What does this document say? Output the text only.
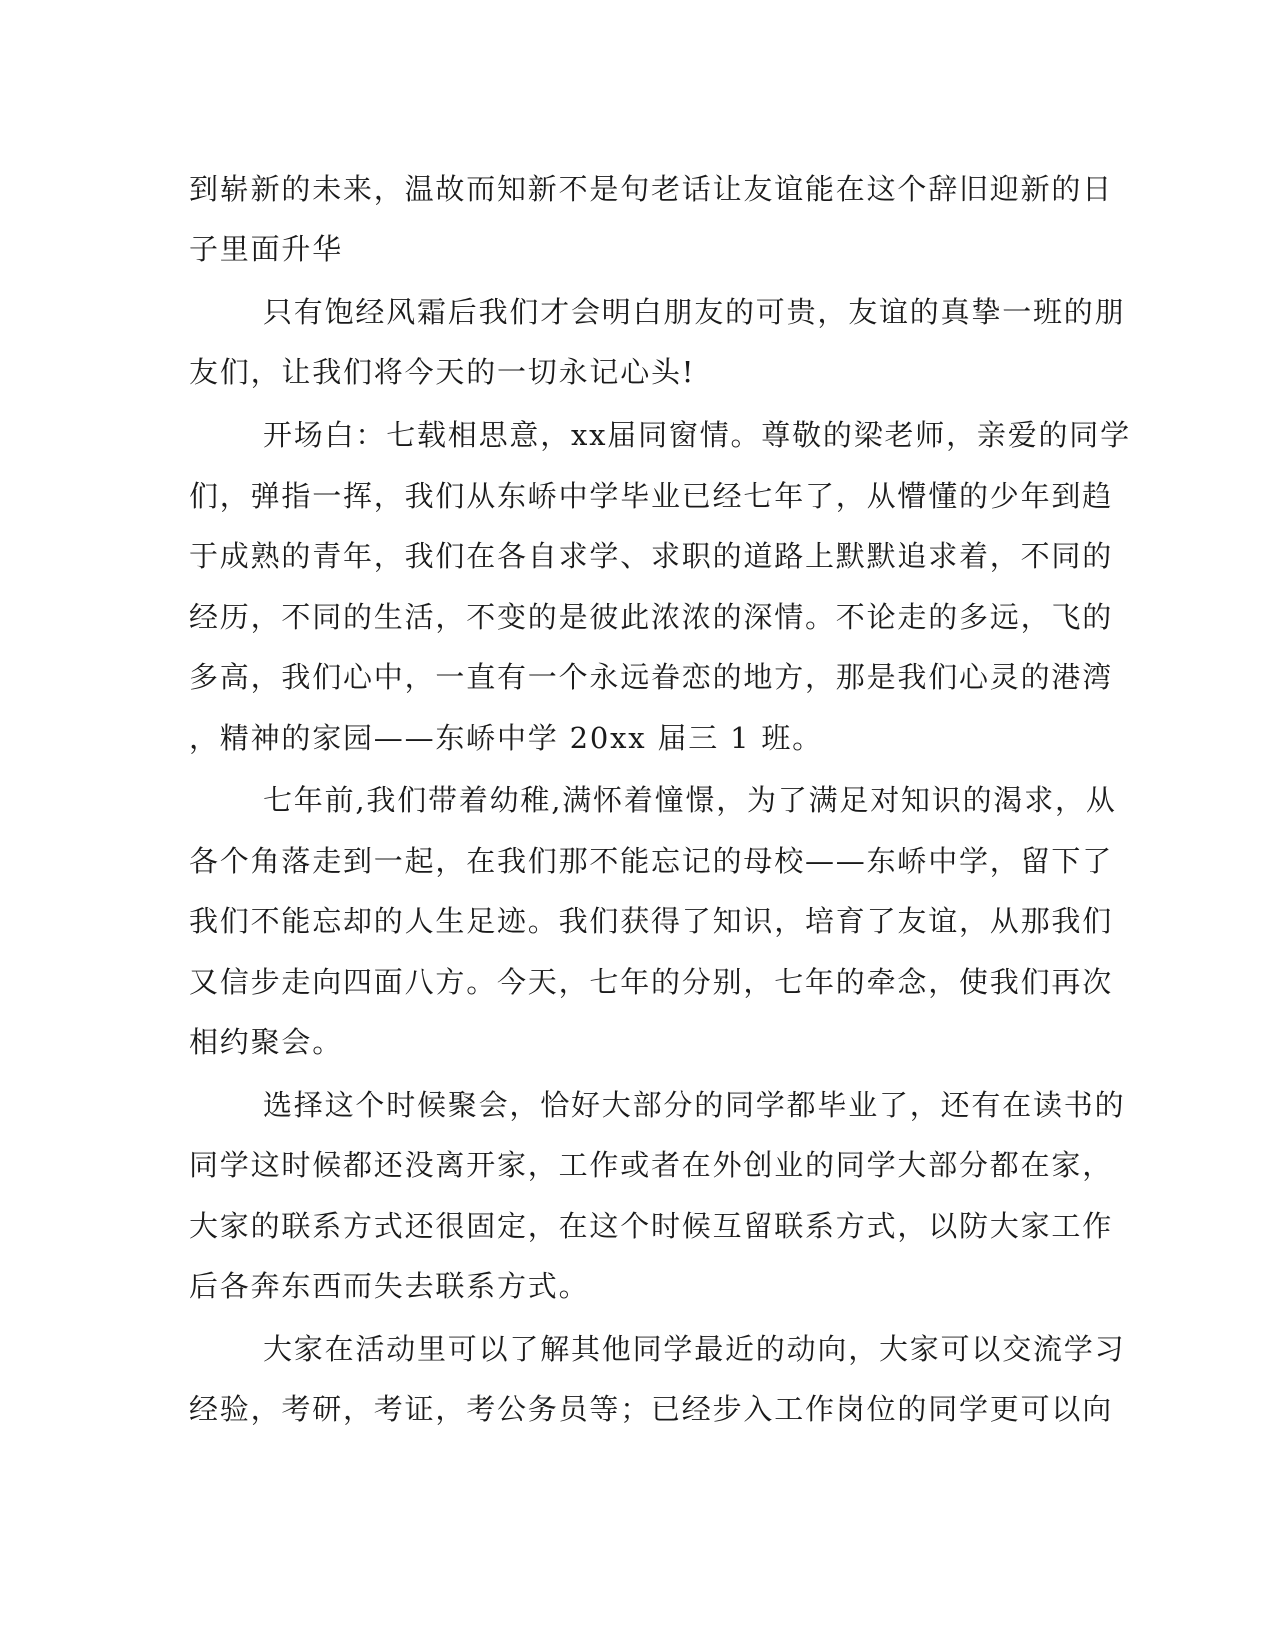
到崭新的未来，温故而知新不是句老话让友谊能在这个辞旧迎新的日
子里面升华
只有饱经风霜后我们才会明白朋友的可贵，友谊的真挚一班的朋
友们，让我们将今天的一切永记心头!
开场白：七载相思意，xx届同窗情。尊敬的梁老师，亲爱的同学
们，弹指一挥，我们从东峤中学毕业已经七年了，从懵懂的少年到趋
于成熟的青年，我们在各自求学、求职的道路上默默追求着，不同的
经历，不同的生活，不变的是彼此浓浓的深情。不论走的多远，飞的
多高，我们心中，一直有一个永远眷恋的地方，那是我们心灵的港湾
，精神的家园——东峤中学 20xx 届三 1 班。
七年前,我们带着幼稚,满怀着憧憬，为了满足对知识的渴求，从
各个角落走到一起，在我们那不能忘记的母校——东峤中学，留下了
我们不能忘却的人生足迹。我们获得了知识，培育了友谊，从那我们
又信步走向四面八方。今天，七年的分别，七年的牵念，使我们再次
相约聚会。
选择这个时候聚会，恰好大部分的同学都毕业了，还有在读书的
同学这时候都还没离开家，工作或者在外创业的同学大部分都在家，
大家的联系方式还很固定，在这个时候互留联系方式，以防大家工作
后各奔东西而失去联系方式。
大家在活动里可以了解其他同学最近的动向，大家可以交流学习
经验，考研，考证，考公务员等；已经步入工作岗位的同学更可以向
